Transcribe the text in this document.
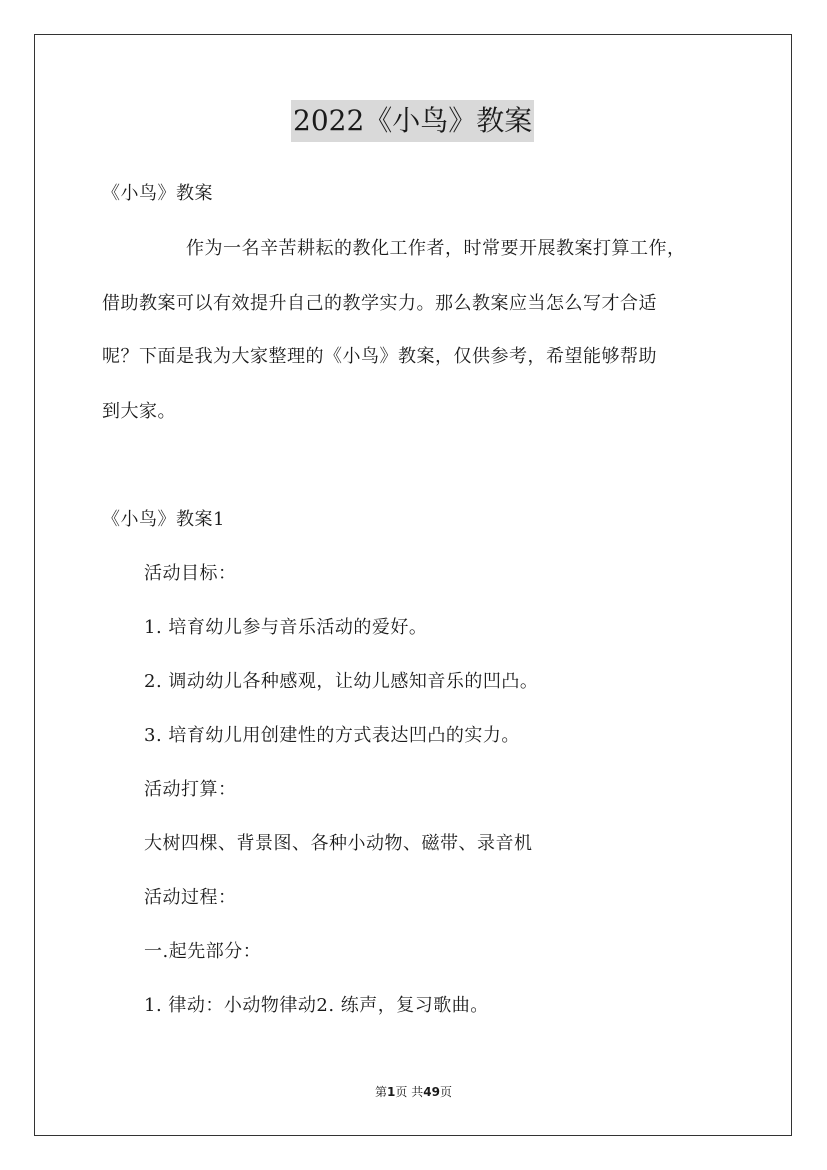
2022《小鸟》教案
《小鸟》教案
作为一名辛苦耕耘的教化工作者，时常要开展教案打算工作，
借助教案可以有效提升自己的教学实力。那么教案应当怎么写才合适
呢？下面是我为大家整理的《小鸟》教案，仅供参考，希望能够帮助
到大家。
《小鸟》教案1
活动目标：
1. 培育幼儿参与音乐活动的爱好。
2. 调动幼儿各种感观，让幼儿感知音乐的凹凸。
3. 培育幼儿用创建性的方式表达凹凸的实力。
活动打算：
大树四棵、背景图、各种小动物、磁带、录音机
活动过程：
一.起先部分：
1. 律动：小动物律动2. 练声，复习歌曲。
第1页 共49页
